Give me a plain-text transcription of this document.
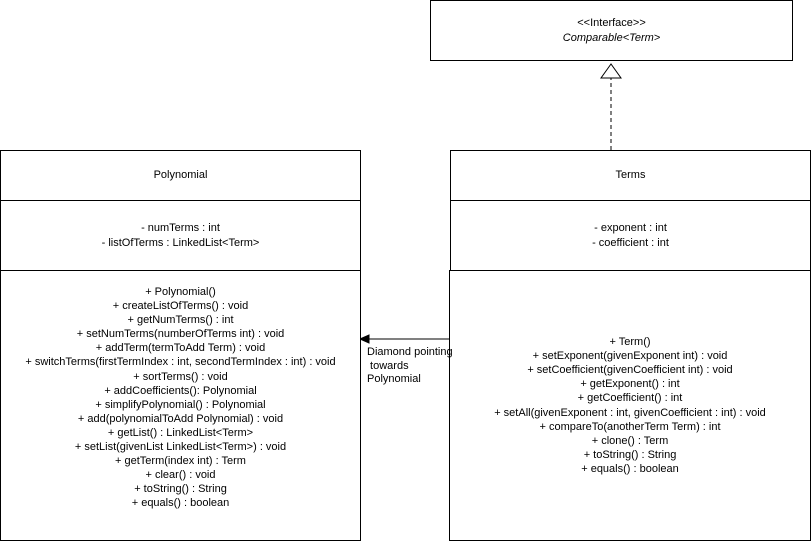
<<Interface>>
Comparable<Term>
Polynomial
- numTerms : int
- listOfTerms : LinkedList<Term>
+ Polynomial()
+ createListOfTerms() : void
+ getNumTerms() : int
+ setNumTerms(numberOfTerms int) : void
+ addTerm(termToAdd Term) : void
+ switchTerms(firstTermIndex : int, secondTermIndex : int) : void
+ sortTerms() : void
+ addCoefficients(): Polynomial
+ simplifyPolynomial() : Polynomial
+ add(polynomialToAdd Polynomial) : void
+ getList() : LinkedList<Term>
+ setList(givenList LinkedList<Term>) : void
+ getTerm(index int) : Term
+ clear() : void
+ toString() : String
+ equals() : boolean
Terms
- exponent : int
- coefficient : int
+ Term()
+ setExponent(givenExponent int) : void
+ setCoefficient(givenCoefficient int) : void
+ getExponent() : int
+ getCoefficient() : int
+ setAll(givenExponent : int, givenCoefficient : int) : void
+ compareTo(anotherTerm Term) : int
+ clone() : Term
+ toString() : String
+ equals() : boolean
Diamond pointing
towards
Polynomial
